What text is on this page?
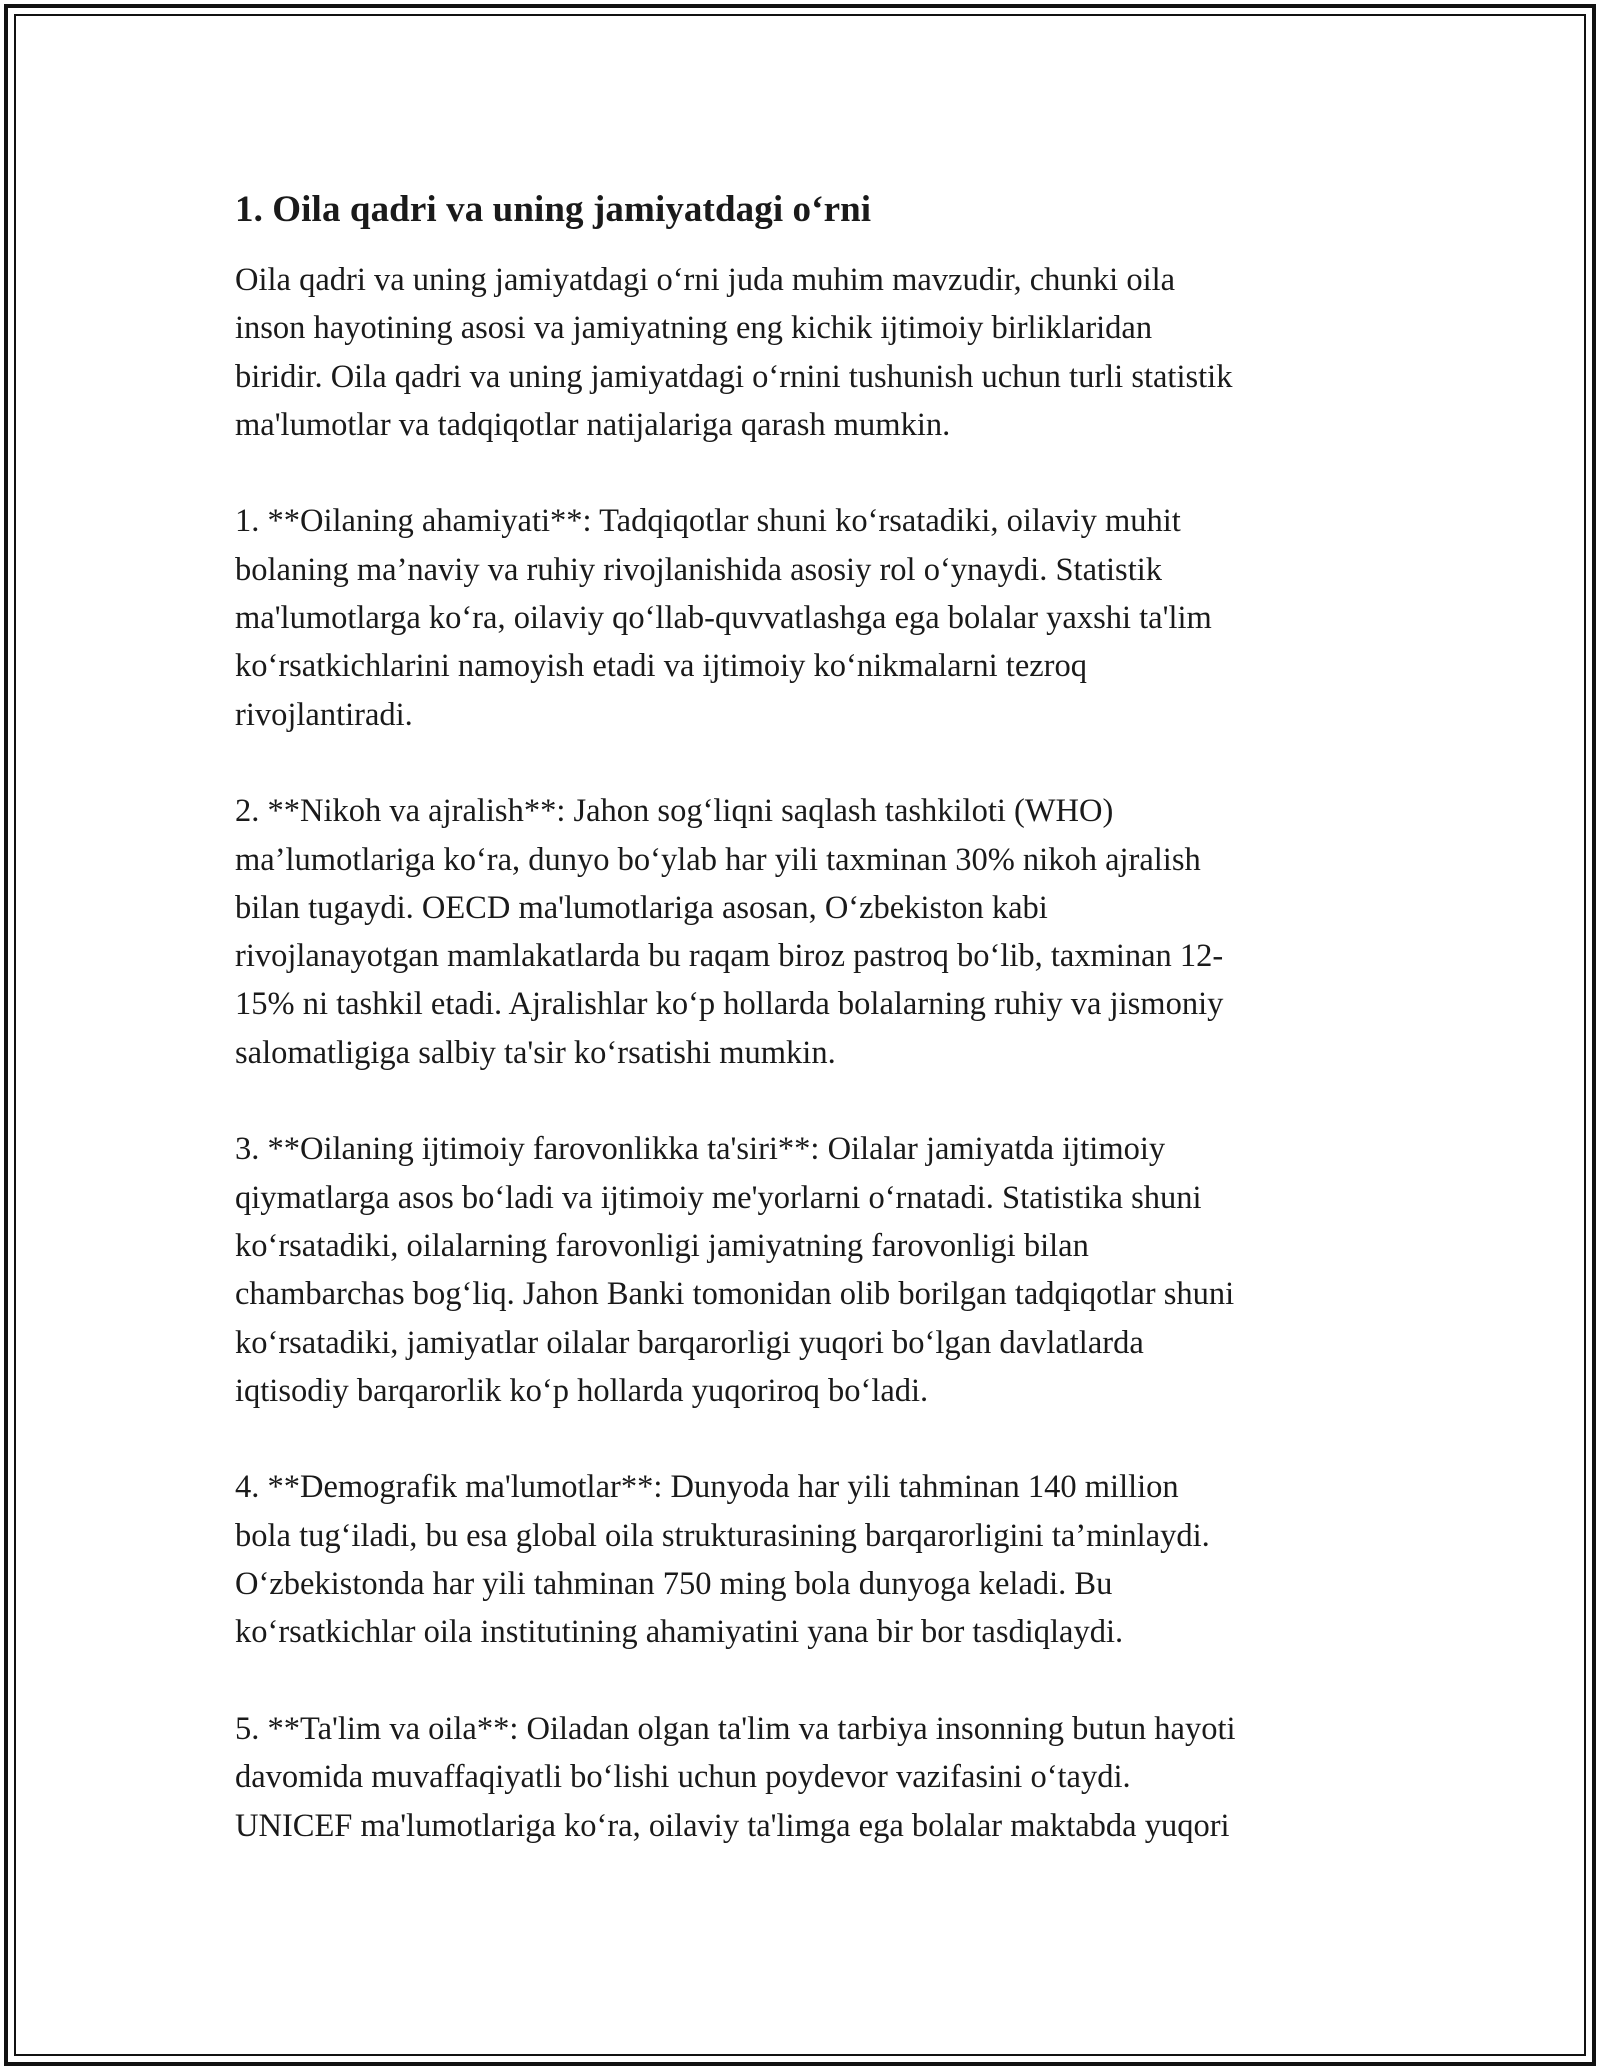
1. Oila qadri va uning jamiyatdagi o‘rni

Oila qadri va uning jamiyatdagi o‘rni juda muhim mavzudir, chunki oila
inson hayotining asosi va jamiyatning eng kichik ijtimoiy birliklaridan
biridir. Oila qadri va uning jamiyatdagi o‘rnini tushunish uchun turli statistik
ma'lumotlar va tadqiqotlar natijalariga qarash mumkin.

1. **Oilaning ahamiyati**: Tadqiqotlar shuni ko‘rsatadiki, oilaviy muhit
bolaning ma’naviy va ruhiy rivojlanishida asosiy rol o‘ynaydi. Statistik
ma'lumotlarga ko‘ra, oilaviy qo‘llab-quvvatlashga ega bolalar yaxshi ta'lim
ko‘rsatkichlarini namoyish etadi va ijtimoiy ko‘nikmalarni tezroq
rivojlantiradi.

2. **Nikoh va ajralish**: Jahon sog‘liqni saqlash tashkiloti (WHO)
ma’lumotlariga ko‘ra, dunyo bo‘ylab har yili taxminan 30% nikoh ajralish
bilan tugaydi. OECD ma'lumotlariga asosan, O‘zbekiston kabi
rivojlanayotgan mamlakatlarda bu raqam biroz pastroq bo‘lib, taxminan 12-
15% ni tashkil etadi. Ajralishlar ko‘p hollarda bolalarning ruhiy va jismoniy
salomatligiga salbiy ta'sir ko‘rsatishi mumkin.

3. **Oilaning ijtimoiy farovonlikka ta'siri**: Oilalar jamiyatda ijtimoiy
qiymatlarga asos bo‘ladi va ijtimoiy me'yorlarni o‘rnatadi. Statistika shuni
ko‘rsatadiki, oilalarning farovonligi jamiyatning farovonligi bilan
chambarchas bog‘liq. Jahon Banki tomonidan olib borilgan tadqiqotlar shuni
ko‘rsatadiki, jamiyatlar oilalar barqarorligi yuqori bo‘lgan davlatlarda
iqtisodiy barqarorlik ko‘p hollarda yuqoriroq bo‘ladi.

4. **Demografik ma'lumotlar**: Dunyoda har yili tahminan 140 million
bola tug‘iladi, bu esa global oila strukturasining barqarorligini ta’minlaydi.
O‘zbekistonda har yili tahminan 750 ming bola dunyoga keladi. Bu
ko‘rsatkichlar oila institutining ahamiyatini yana bir bor tasdiqlaydi.

5. **Ta'lim va oila**: Oiladan olgan ta'lim va tarbiya insonning butun hayoti
davomida muvaffaqiyatli bo‘lishi uchun poydevor vazifasini o‘taydi.
UNICEF ma'lumotlariga ko‘ra, oilaviy ta'limga ega bolalar maktabda yuqori
